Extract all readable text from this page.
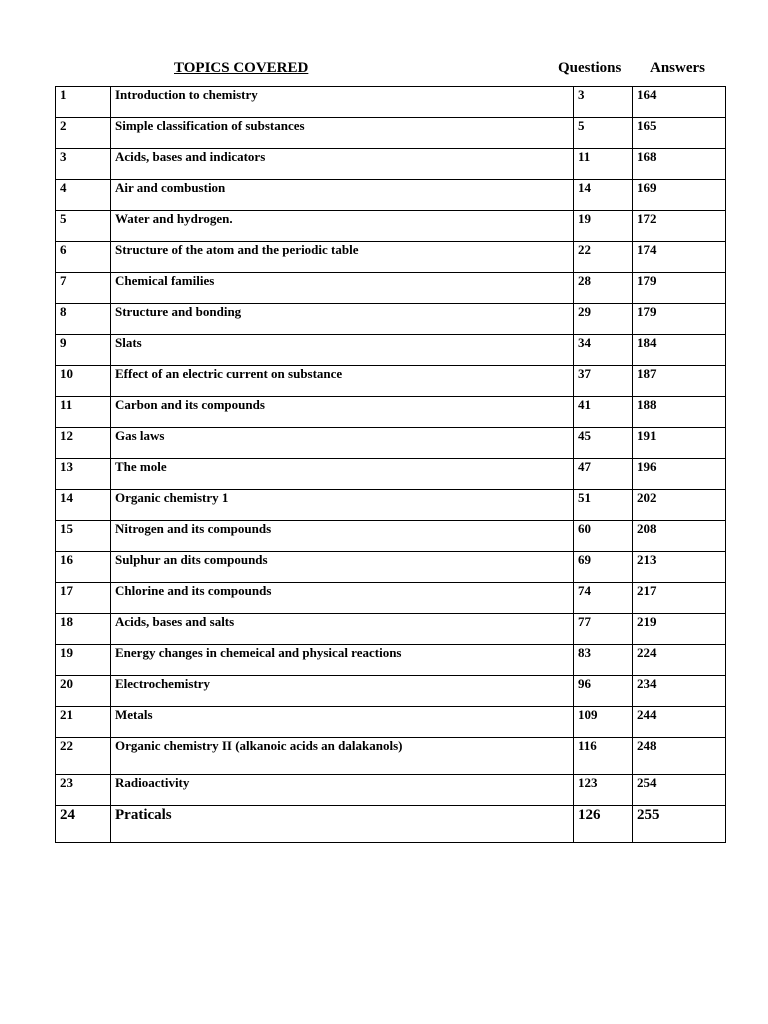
TOPICS COVERED	Questions Answers
1	Introduction to chemistry	3	164
2	Simple classification of substances	5	165
3	Acids, bases and indicators	11	168
4	Air and combustion	14	169
5	Water and hydrogen.	19	172
6	Structure of the atom and the periodic table	22	174
7	Chemical families	28	179
8	Structure and bonding	29	179
9	Slats	34	184
10	Effect of an electric current on substance	37	187
11	Carbon and its compounds	41	188
12	Gas laws	45	191
13	The mole	47	196
14	Organic chemistry 1	51	202
15	Nitrogen and its compounds	60	208
16	Sulphur an dits compounds	69	213
17	Chlorine and its compounds	74	217
18	Acids, bases and salts	77	219
19	Energy changes in chemeical and physical reactions	83	224
20	Electrochemistry	96	234
21	Metals	109	244
22	Organic chemistry II (alkanoic acids an dalakanols)	116	248
23	Radioactivity	123	254
24	Praticals	126	255
